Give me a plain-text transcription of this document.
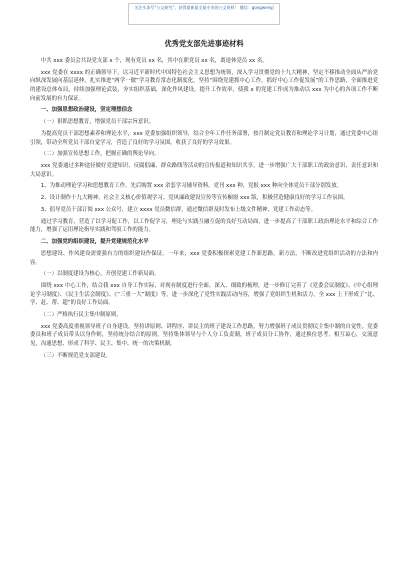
关注头条号“公文研究”，获得最新最全最专业的公文资料！ 微信：gongwenyj
优秀党支部先进事迹材料

中共 xxx 委员会共设党支部 x 个，现有党员 xx 名，其中在职党员 xx 名，离退休党员 xx 名。

xxx 党委在 xxxx 的正确领导下，以习近平新时代中国特色社会主义思想为统领，深入学习贯彻党的十九大精神，坚定不移推动全面从严治党向纵深发展向基层延伸，扎实推进“两学一做”学习教育常态化制度化，坚持“围绕党建抓中心工作，抓好中心工作促发展”的工作思路，全面推进党的建设总体布局，持续加强理论武装，夯实组织基础，深化作风建设，提升工作效率，使我 x 的党建工作成为推动以 xxx 为中心的各项工作不断向前发展的有力保证。

一、加强思想政治建设，坚定理想信念

（一）狠抓思想教育，增强党员干部宗旨意识。

为提高党员干部思想素养和理论水平，xxx 党委加强组织领导，结合全年工作任务部署，按月制定党员教育和理论学习计划，通过党委中心组引领，带动全所党员干部自觉学习，营造了良好的学习氛围，收获了良好的学习效果。

（二）加强宣传思想工作，把握正确的舆论导向。

xxx 党委通过多种途径做好党建知识、反腐倡廉、群众路线等活动的宣传报道和知识共享，进一步增强广大干部职工的政治意识、责任意识和大局意识。

1、为推动理论学习和思想教育工作，先后购置 xxx 余套学习辅导资料，党刊 xxx 种，党报 xxx 种向全体党员干部分别发放。

2、设计制作十九大精神、社会主义核心价值观学习、党风廉政建设宣传等宣传橱窗 xxx 版，积极营造健康良好的学习工作氛围。

3、倡导党员干部订阅 xxx 公众号，建立 xxxx 党员微信群，通过微信群及时发布上级文件精神、党建工作动态等。

通过学习教育，营造了以学习促工作，以工作促学习，理论与实践互融互促的良好互动局面，进一步提高了干部职工政治理论水平和综合工作能力，增强了运用理论指导实践和驾驭工作的能力。

二、加强党的组织建设，提升党建规范化水平

思想建设、作风建设需要强有力的组织建设作保证。一年来，xxx 党委积极探索党建工作新思路，新方法，不断改进党组织活动的方法和内容。

（一）以制度建设为核心，开创党建工作新局面。

围绕 xxx 中心工作，结合我 xxx 自身工作实际，对现有制度进行全面、深入、细致的梳理，进一步修订完善了《党委会议制度》、《中心组理论学习制度》、《民主生活会制度》、《“三重一大”制度》等，进一步深化了党性实践活动内容，增强了党组织生机和活力，全 xxx 上下形成了“比、学、赶、帮、超”的良好工作局面。

（二）严格执行民主集中制原则。

xxx 党委高度重视领导班子自身建设，坚持讲原则、讲程序、讲民主的班子建设工作思路，努力增强班子成员贯彻民主集中制的自觉性。党委委员和班子成员带头以身作则，坚持统分结合的原则，坚持集体领导与个人分工负责制，班子成员分工协作，通过换位思考，相互谅心，交流意见，沟通思想，形成了科学、民主、集中、统一的决策机制。

（三）不断规范党支部建设。
